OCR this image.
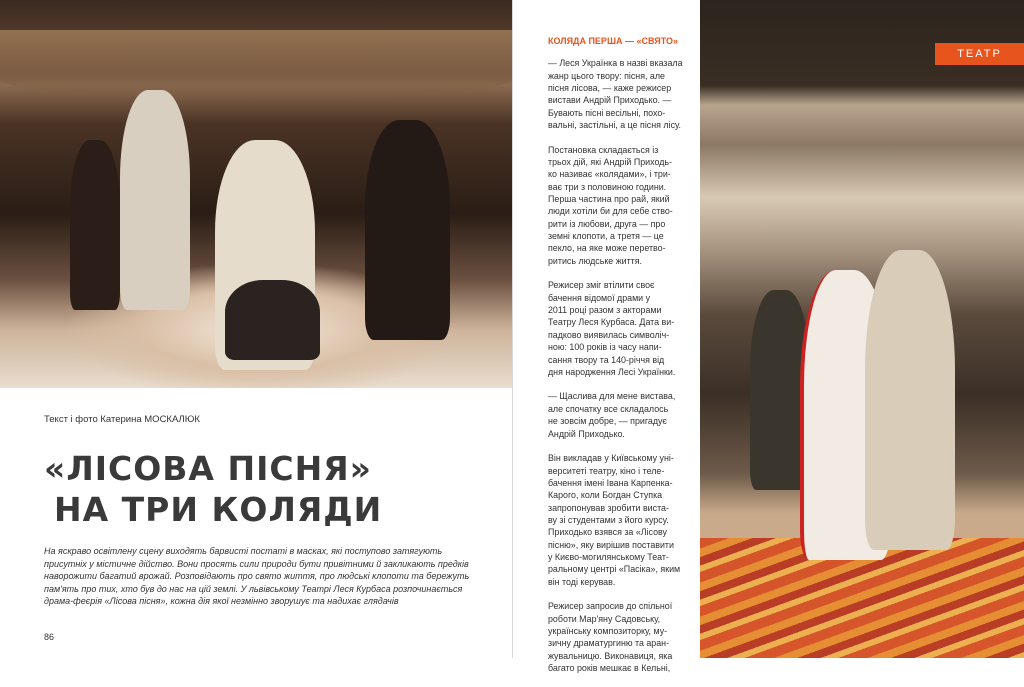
ТЕАТР
Текст і фото Катерина МОСКАЛЮК
«ЛІСОВА ПІСНЯ»
НА ТРИ КОЛЯДИ
На яскраво освітлену сцену виходять барвисті постаті в масках, які поступово затягують
присутніх у містичне дійство. Вони просять сили природи бути привітними й закликають предків
наворожити багатий врожай. Розповідають про свято життя, про людські клопоти та бережуть
пам'ять про тих, хто був до нас на цій землі. У львівському Театрі Леся Курбаса розпочинається
драма-феєрія «Лісова пісня», кожна дія якої незмінно зворушує та надихає глядачів
86
КОЛЯДА ПЕРША — «СВЯТО»

— Леся Українка в назві вказала
жанр цього твору: пісня, але
пісня лісова, — каже режисер
вистави Андрій Приходько. —
Бувають пісні весільні, похо-
вальні, застільні, а це пісня лісу.

Постановка складається із
трьох дій, які Андрій Приходь-
ко називає «колядами», і три-
ває три з половиною години.
Перша частина про рай, який
люди хотіли би для себе ство-
рити із любови, друга — про
земні клопоти, а третя — це
пекло, на яке може перетво-
ритись людське життя.

Режисер зміг втілити своє
бачення відомої драми у
2011 році разом з акторами
Театру Леся Курбаса. Дата ви-
падково виявилась символіч-
ною: 100 років із часу напи-
сання твору та 140-річчя від
дня народження Лесі Українки.

— Щаслива для мене вистава,
але спочатку все складалось
не зовсім добре, — пригадує
Андрій Приходько.

Він викладав у Київському уні-
верситеті театру, кіно і теле-
бачення імені Івана Карпенка-
Карого, коли Богдан Ступка
запропонував зробити виста-
ву зі студентами з його курсу.
Приходько взявся за «Лісову
пісню», яку вирішив поставити
у Києво-могилянському Теат-
ральному центрі «Пасіка», яким
він тоді керував.

Режисер запросив до спільної
роботи Мар'яну Садовську,
українську композиторку, му-
зичну драматургиню та аран-
жувальницю. Виконавиця, яка
багато років мешкає в Кельні,
